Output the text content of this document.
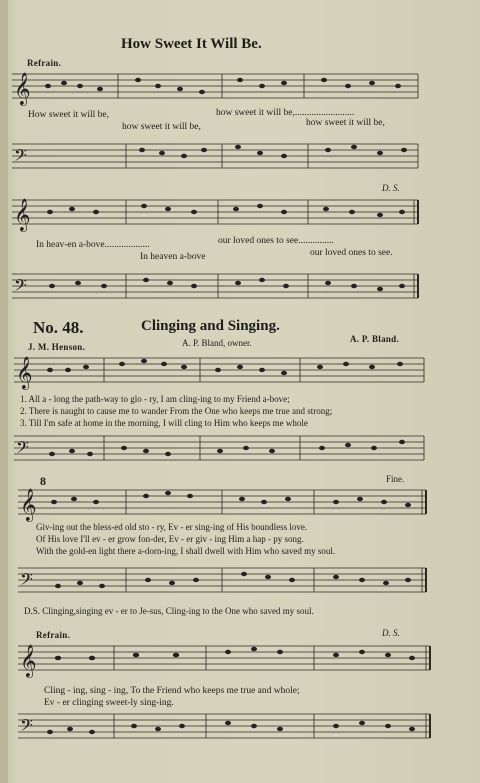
How Sweet It Will Be.
Refrain.
𝄞
How sweet it will be,	how sweet it will be,.........................
how sweet it will be,	how sweet it will be,
𝄢
D. S.
𝄞
In heav-en a-bove...................	our loved ones to see...............
In heaven a-bove	our loved ones to see.
𝄢
No. 48.	Clinging and Singing.
J. M. Henson.	A. P. Bland, owner.	A. P. Bland.
𝄞
1. All a - long the path-way to glo - ry, I am cling-ing to my Friend a-bove;
2. There is naught to cause me to wander From the One who keeps me true and strong;
3. Till I'm safe at home in the morning, I will cling to Him who keeps me whole
𝄢
8	Fine.
𝄞
Giv-ing out the bless-ed old sto - ry, Ev - er sing-ing of His boundless love.
Of His love I'll ev - er grow fon-der, Ev - er giv - ing Him a hap - py song.
With the gold-en light there a-dorn-ing, I shall dwell with Him who saved my soul.
𝄢
D.S. Clinging,singing ev - er to Je-sus, Cling-ing to the One who saved my soul.
Refrain.	D. S.
𝄞
Cling - ing, sing - ing, To the Friend who keeps me true and whole;
Ev - er clinging sweet-ly sing-ing.
𝄢
